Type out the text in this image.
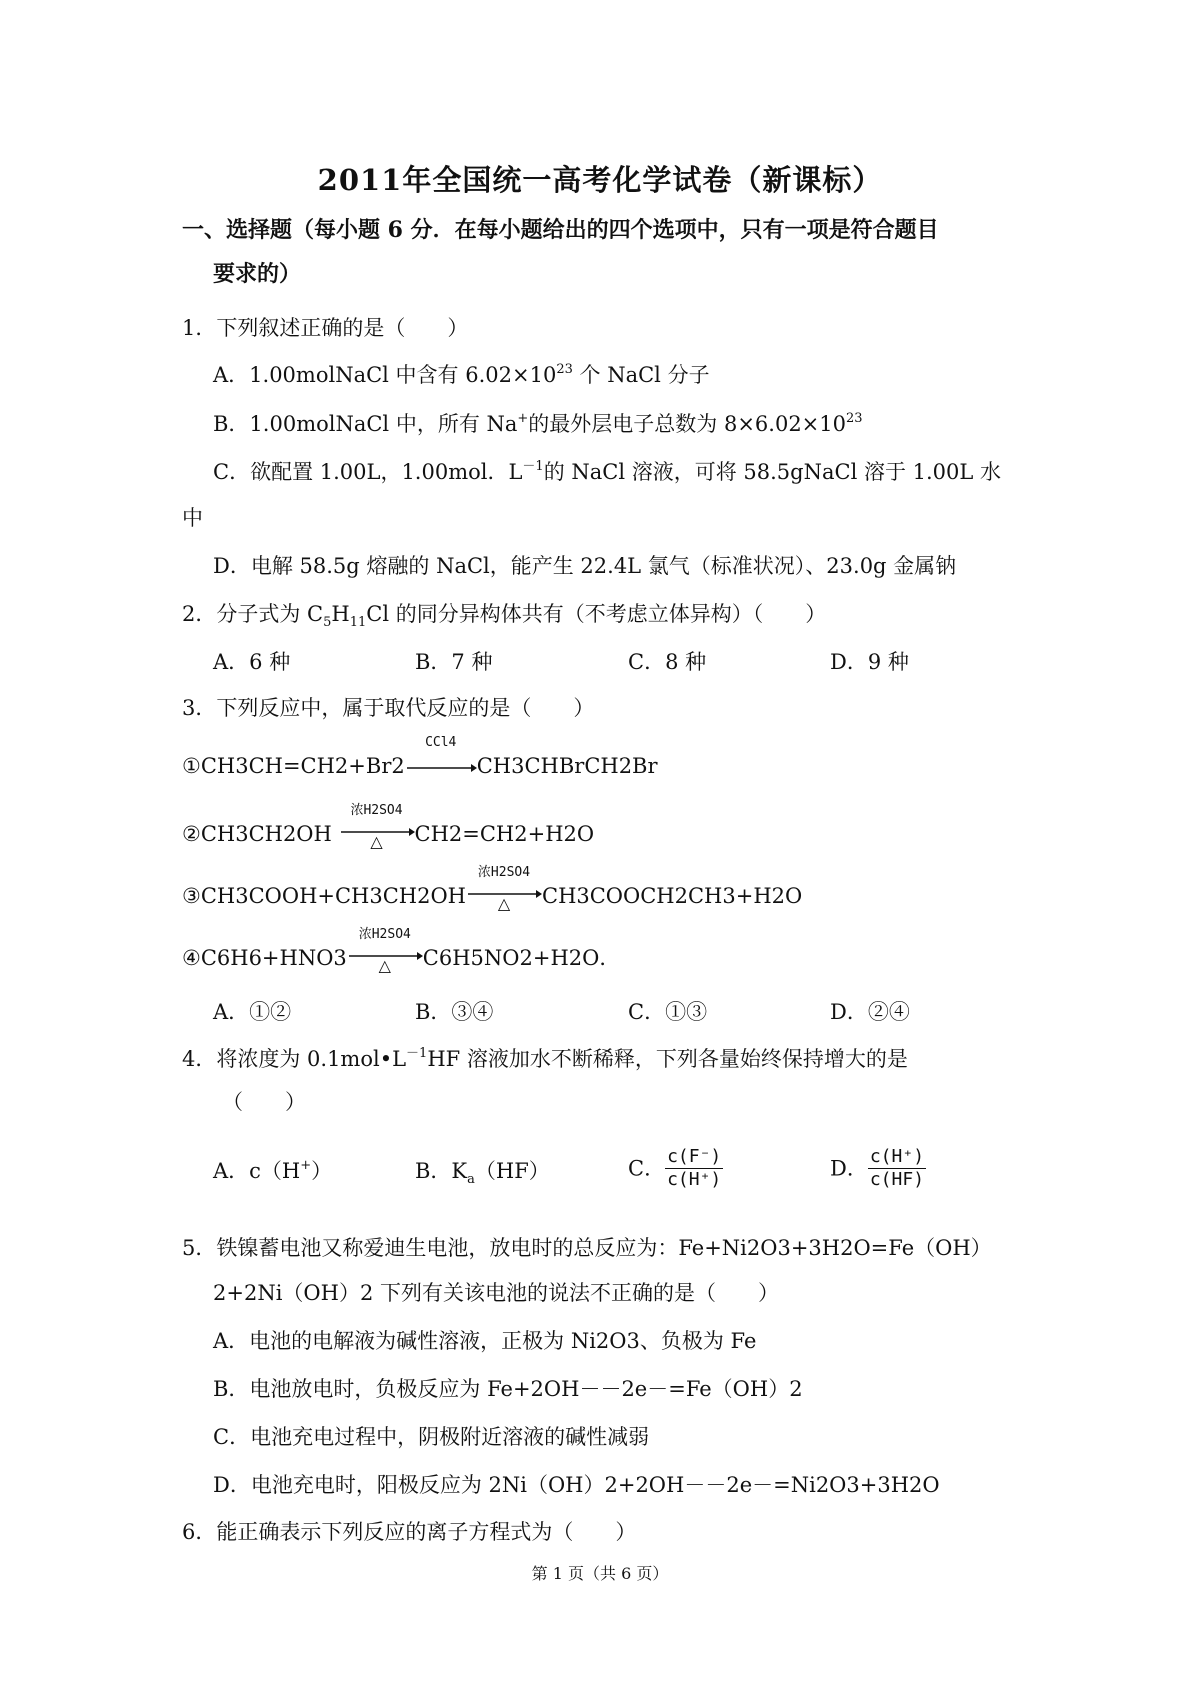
2011年全国统一高考化学试卷（新课标）
一、选择题（每小题 6 分．在每小题给出的四个选项中，只有一项是符合题目
要求的）
1．下列叙述正确的是（　　）
A．1.00molNaCl 中含有 $6.02\times 10^{23}$ 个 NaCl 分子
B．1.00molNaCl 中，所有 Na+的最外层电子总数为 $8\times 6.02\times 10^{23}$
C．欲配置 1.00L，1.00mol．$L^{-1}$的 NaCl 溶液，可将 58.5gNaCl 溶于 1.00L 水
中
D．电解 58.5g 熔融的 NaCl，能产生 22.4L 氯气（标准状况）、23.0g 金属钠
2．分子式为 $C_5H_{11}Cl$ 的同分异构体共有（不考虑立体异构）（　　）
A．6 种	B．7 种	C．8 种	D．9 种
3．下列反应中，属于取代反应的是（　　）
①CH3CH=CH2+Br2
CCl4
CH3CHBrCH2Br
②CH3CH2OH
浓H2SO4
△	CH2=CH2+H2O
③CH3COOH+CH3CH2OH
浓H2SO4
△	CH3COOCH2CH3+H2O
④C6H6+HNO3
浓H2SO4
△	C6H5NO2+H2O．
A．①②	B．③④	C．①③	D．②④
4．将浓度为 $0.1mol•L^{-1}HF$ 溶液加水不断稀释，下列各量始终保持增大的是
（　　）
A．c（H+）	B．$K_a(HF)$	C． $\frac{c(F^-)}{c(H^+)}$	D． $\frac{c(H^+)}{c(HF)}$
5．铁镍蓄电池又称爱迪生电池，放电时的总反应为：Fe+Ni2O3+3H2O=Fe（OH）
2+2Ni（OH）2 下列有关该电池的说法不正确的是（　　）
A．电池的电解液为碱性溶液，正极为 Ni2O3、负极为 Fe
B．电池放电时，负极反应为 Fe+2OH－－2e－=Fe（OH）2
C．电池充电过程中，阴极附近溶液的碱性减弱
D．电池充电时，阳极反应为 2Ni（OH）2+2OH－－2e－=Ni2O3+3H2O
6．能正确表示下列反应的离子方程式为（　　）
第 1 页（共 6 页）
